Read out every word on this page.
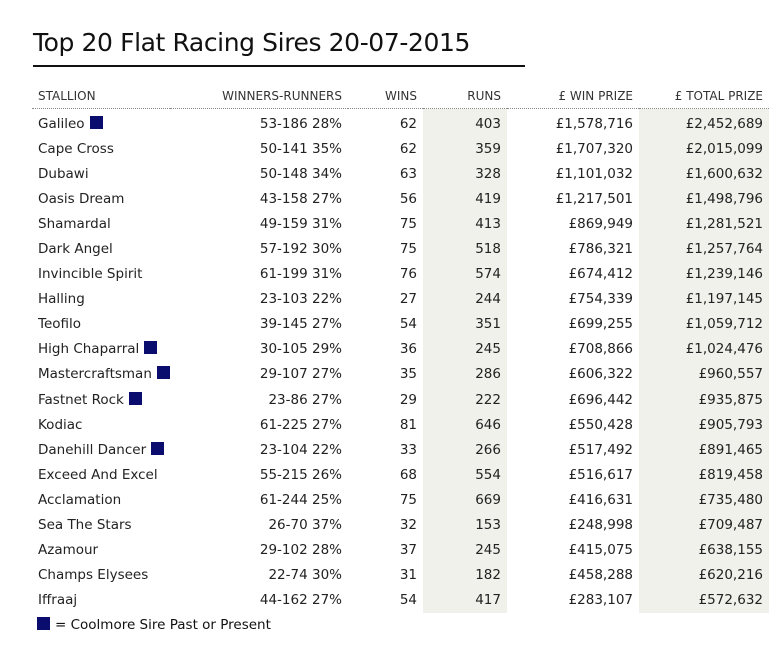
Top 20 Flat Racing Sires 20-07-2015
STALLION	WINNERS-RUNNERS	WINS	RUNS	£ WIN PRIZE	£ TOTAL PRIZE
Galileo	53-186 28%	62	403	£1,578,716	£2,452,689
Cape Cross	50-141 35%	62	359	£1,707,320	£2,015,099
Dubawi	50-148 34%	63	328	£1,101,032	£1,600,632
Oasis Dream	43-158 27%	56	419	£1,217,501	£1,498,796
Shamardal	49-159 31%	75	413	£869,949	£1,281,521
Dark Angel	57-192 30%	75	518	£786,321	£1,257,764
Invincible Spirit	61-199 31%	76	574	£674,412	£1,239,146
Halling	23-103 22%	27	244	£754,339	£1,197,145
Teofilo	39-145 27%	54	351	£699,255	£1,059,712
High Chaparral	30-105 29%	36	245	£708,866	£1,024,476
Mastercraftsman	29-107 27%	35	286	£606,322	£960,557
Fastnet Rock	23-86 27%	29	222	£696,442	£935,875
Kodiac	61-225 27%	81	646	£550,428	£905,793
Danehill Dancer	23-104 22%	33	266	£517,492	£891,465
Exceed And Excel	55-215 26%	68	554	£516,617	£819,458
Acclamation	61-244 25%	75	669	£416,631	£735,480
Sea The Stars	26-70 37%	32	153	£248,998	£709,487
Azamour	29-102 28%	37	245	£415,075	£638,155
Champs Elysees	22-74 30%	31	182	£458,288	£620,216
Iffraaj	44-162 27%	54	417	£283,107	£572,632
= Coolmore Sire Past or Present
